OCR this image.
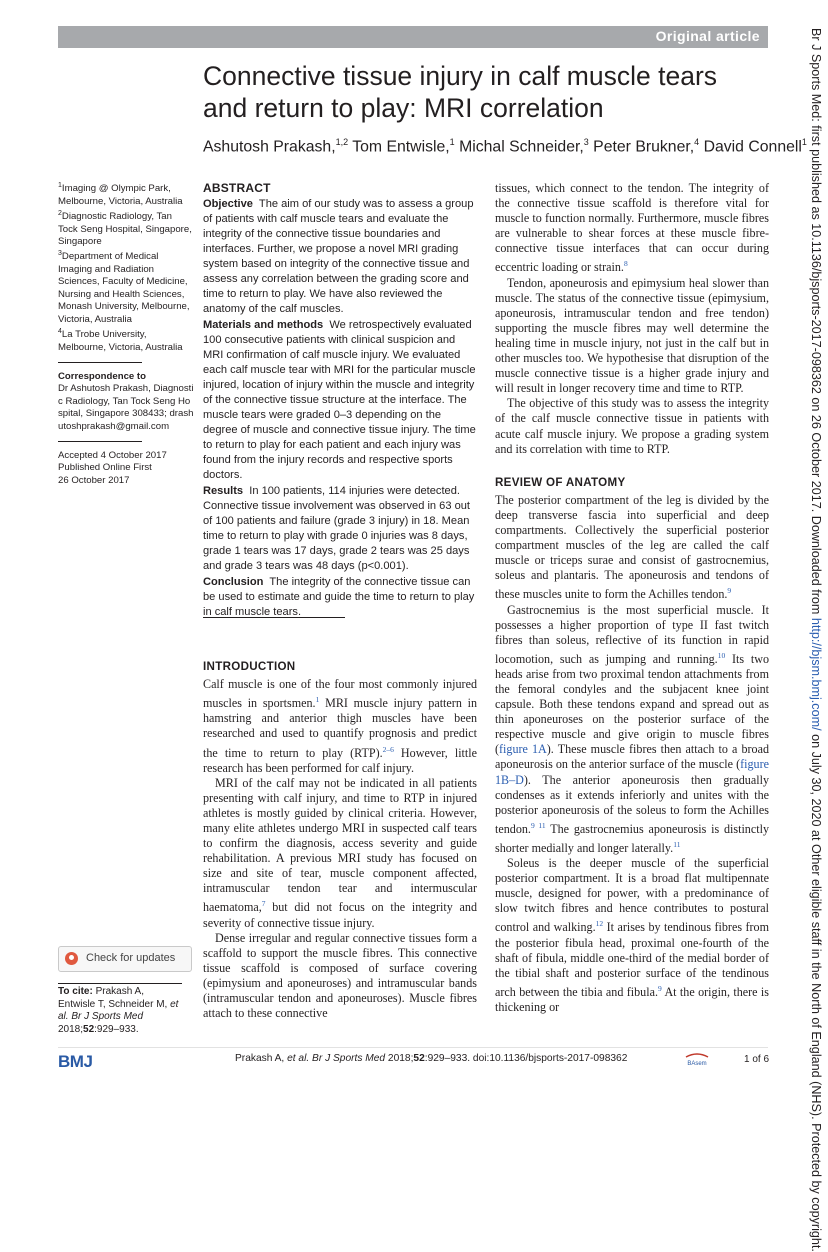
Original article
Connective tissue injury in calf muscle tears and return to play: MRI correlation
Ashutosh Prakash,$^{1,2}$ Tom Entwisle,$^1$ Michal Schneider,$^3$ Peter Brukner,$^4$ David Connell$^1$
$^1$Imaging @ Olympic Park, Melbourne, Victoria, Australia
$^2$Diagnostic Radiology, Tan Tock Seng Hospital, Singapore, Singapore
$^3$Department of Medical Imaging and Radiation Sciences, Faculty of Medicine, Nursing and Health Sciences, Monash University, Melbourne, Victoria, Australia
$^4$La Trobe University, Melbourne, Victoria, Australia
Correspondence to
Dr Ashutosh Prakash, Diagnostic Radiology, Tan Tock Seng Hospital, Singapore 308433; drashutoshprakash@gmail.com
Accepted 4 October 2017
Published Online First
26 October 2017
ABSTRACT

Objective The aim of our study was to assess a group of patients with calf muscle tears and evaluate the integrity of the connective tissue boundaries and interfaces. Further, we propose a novel MRI grading system based on integrity of the connective tissue and assess any correlation between the grading score and time to return to play. We have also reviewed the anatomy of the calf muscles.

Materials and methods We retrospectively evaluated 100 consecutive patients with clinical suspicion and MRI confirmation of calf muscle injury. We evaluated each calf muscle tear with MRI for the particular muscle injured, location of injury within the muscle and integrity of the connective tissue structure at the interface. The muscle tears were graded 0–3 depending on the degree of muscle and connective tissue injury. The time to return to play for each patient and each injury was found from the injury records and respective sports doctors.

Results In 100 patients, 114 injuries were detected. Connective tissue involvement was observed in 63 out of 100 patients and failure (grade 3 injury) in 18. Mean time to return to play with grade 0 injuries was 8 days, grade 1 tears was 17 days, grade 2 tears was 25 days and grade 3 tears was 48 days (p<0.001).

Conclusion The integrity of the connective tissue can be used to estimate and guide the time to return to play in calf muscle tears.

INTRODUCTION

Calf muscle is one of the four most commonly injured muscles in sportsmen.$^1$ MRI muscle injury pattern in hamstring and anterior thigh muscles have been researched and used to quantify prognosis and predict the time to return to play (RTP).$^{2-6}$ However, little research has been performed for calf injury.

MRI of the calf may not be indicated in all patients presenting with calf injury, and time to RTP in injured athletes is mostly guided by clinical criteria. However, many elite athletes undergo MRI in suspected calf tears to confirm the diagnosis, access severity and guide rehabilitation. A previous MRI study has focused on size and site of tear, muscle component affected, intramuscular tendon tear and intermuscular haematoma,$^7$ but did not focus on the integrity and severity of connective tissue injury.

Dense irregular and regular connective tissues form a scaffold to support the muscle fibres. This connective tissue scaffold is composed of surface covering (epimysium and aponeuroses) and intramuscular bands (intramuscular tendon and aponeuroses). Muscle fibres attach to these connective

tissues, which connect to the tendon. The integrity of the connective tissue scaffold is therefore vital for muscle to function normally. Furthermore, muscle fibres are vulnerable to shear forces at these muscle fibre-connective tissue interfaces that can occur during eccentric loading or strain.$^8$

Tendon, aponeurosis and epimysium heal slower than muscle. The status of the connective tissue (epimysium, aponeurosis, intramuscular tendon and free tendon) supporting the muscle fibres may well determine the healing time in muscle injury, not just in the calf but in other muscles too. We hypothesise that disruption of the muscle connective tissue is a higher grade injury and will result in longer recovery time and time to RTP.

The objective of this study was to assess the integrity of the calf muscle connective tissue in patients with acute calf muscle injury. We propose a grading system and its correlation with time to RTP.

REVIEW OF ANATOMY

The posterior compartment of the leg is divided by the deep transverse fascia into superficial and deep compartments. Collectively the superficial posterior compartment muscles of the leg are called the calf muscle or triceps surae and consist of gastrocnemius, soleus and plantaris. The aponeurosis and tendons of these muscles unite to form the Achilles tendon.$^9$

Gastrocnemius is the most superficial muscle. It possesses a higher proportion of type II fast twitch fibres than soleus, reflective of its function in rapid locomotion, such as jumping and running.$^{10}$ Its two heads arise from two proximal tendon attachments from the femoral condyles and the subjacent knee joint capsule. Both these tendons expand and spread out as thin aponeuroses on the posterior surface of the respective muscle and give origin to muscle fibres (figure 1A). These muscle fibres then attach to a broad aponeurosis on the anterior surface of the muscle (figure 1B–D). The anterior aponeurosis then gradually condenses as it extends inferiorly and unites with the posterior aponeurosis of the soleus to form the Achilles tendon.$^{9 11}$ The gastrocnemius aponeurosis is distinctly shorter medially and longer laterally.$^{11}$

Soleus is the deeper muscle of the superficial posterior compartment. It is a broad flat multipennate muscle, designed for power, with a predominance of slow twitch fibres and hence contributes to postural control and walking.$^{12}$ It arises by tendinous fibres from the posterior fibula head, proximal one-fourth of the shaft of fibula, middle one-third of the medial border of the tibial shaft and posterior surface of the tendinous arch between the tibia and fibula.$^9$ At the origin, there is thickening or

Check for updates
To cite: Prakash A, Entwisle T, Schneider M, et al. Br J Sports Med 2018;52:929–933.
BMJ	Prakash A, et al. Br J Sports Med 2018;52:929–933. doi:10.1136/bjsports-2017-098362	BAsem	1 of 6
Br J Sports Med: first published as 10.1136/bjsports-2017-098362 on 26 October 2017. Downloaded from http://bjsm.bmj.com/ on July 30, 2020 at Other eligible staff in the North of England (NHS). Protected by copyright.
